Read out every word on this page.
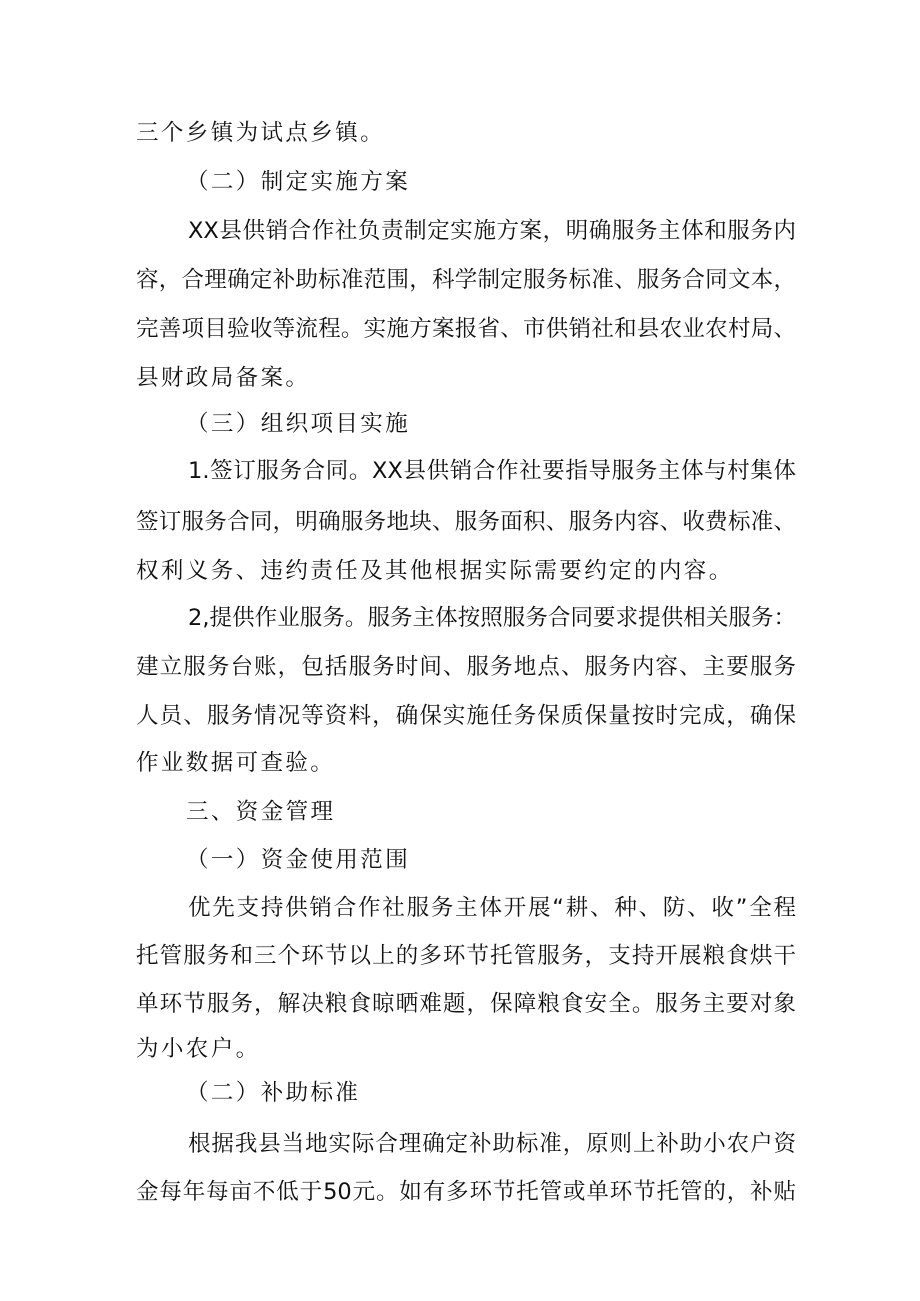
三个乡镇为试点乡镇。
（二）制定实施方案
XX县供销合作社负责制定实施方案，明确服务主体和服务内
容，合理确定补助标准范围，科学制定服务标准、服务合同文本，
完善项目验收等流程。实施方案报省、市供销社和县农业农村局、
县财政局备案。
（三）组织项目实施
1.签订服务合同。XX县供销合作社要指导服务主体与村集体
签订服务合同，明确服务地块、服务面积、服务内容、收费标准、
权利义务、违约责任及其他根据实际需要约定的内容。
2,提供作业服务。服务主体按照服务合同要求提供相关服务：
建立服务台账，包括服务时间、服务地点、服务内容、主要服务
人员、服务情况等资料，确保实施任务保质保量按时完成，确保
作业数据可查验。
三、资金管理
（一）资金使用范围
优先支持供销合作社服务主体开展“耕、种、防、收”全程
托管服务和三个环节以上的多环节托管服务，支持开展粮食烘干
单环节服务，解决粮食晾晒难题，保障粮食安全。服务主要对象
为小农户。
（二）补助标准
根据我县当地实际合理确定补助标准，原则上补助小农户资
金每年每亩不低于50元。如有多环节托管或单环节托管的，补贴
